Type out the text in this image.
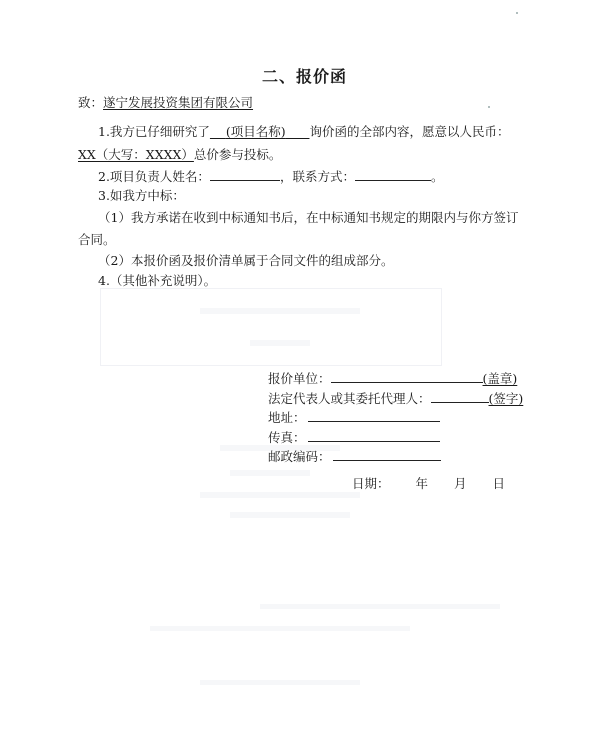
二、报价函
致：遂宁发展投资集团有限公司
1.我方已仔细研究了 (项目名称) 询价函的全部内容，愿意以人民币：
XX（大写：XXXX）总价参与投标。
2.项目负责人姓名：	，联系方式：	。
3.如我方中标：
（1）我方承诺在收到中标通知书后，在中标通知书规定的期限内与你方签订
合同。
（2）本报价函及报价清单属于合同文件的组成部分。
4.（其他补充说明）。
报价单位：	(盖章)
法定代表人或其委托代理人：	(签字)
地址：
传真：
邮政编码：
日期： 年 月 日
